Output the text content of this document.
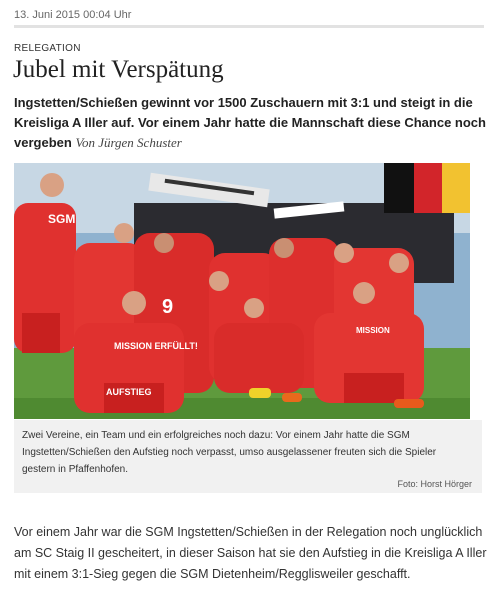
13. Juni 2015 00:04 Uhr
RELEGATION
Jubel mit Verspätung
Ingstetten/Schießen gewinnt vor 1500 Zuschauern mit 3:1 und steigt in die Kreisliga A Iller auf. Vor einem Jahr hatte die Mannschaft diese Chance noch vergeben Von Jürgen Schuster
MISSION ERFÜLLT!
AUFSTIEG
SGM
9
MISSION
Zwei Vereine, ein Team und ein erfolgreiches noch dazu: Vor einem Jahr hatte die SGM Ingstetten/Schießen den Aufstieg noch verpasst, umso ausgelassener freuten sich die Spieler gestern in Pfaffenhofen.
Foto: Horst Hörger

Vor einem Jahr war die SGM Ingstetten/Schießen in der Relegation noch unglücklich am SC Staig II gescheitert, in dieser Saison hat sie den Aufstieg in die Kreisliga A Iller mit einem 3:1-Sieg gegen die SGM Dietenheim/Regglisweiler geschafft.
